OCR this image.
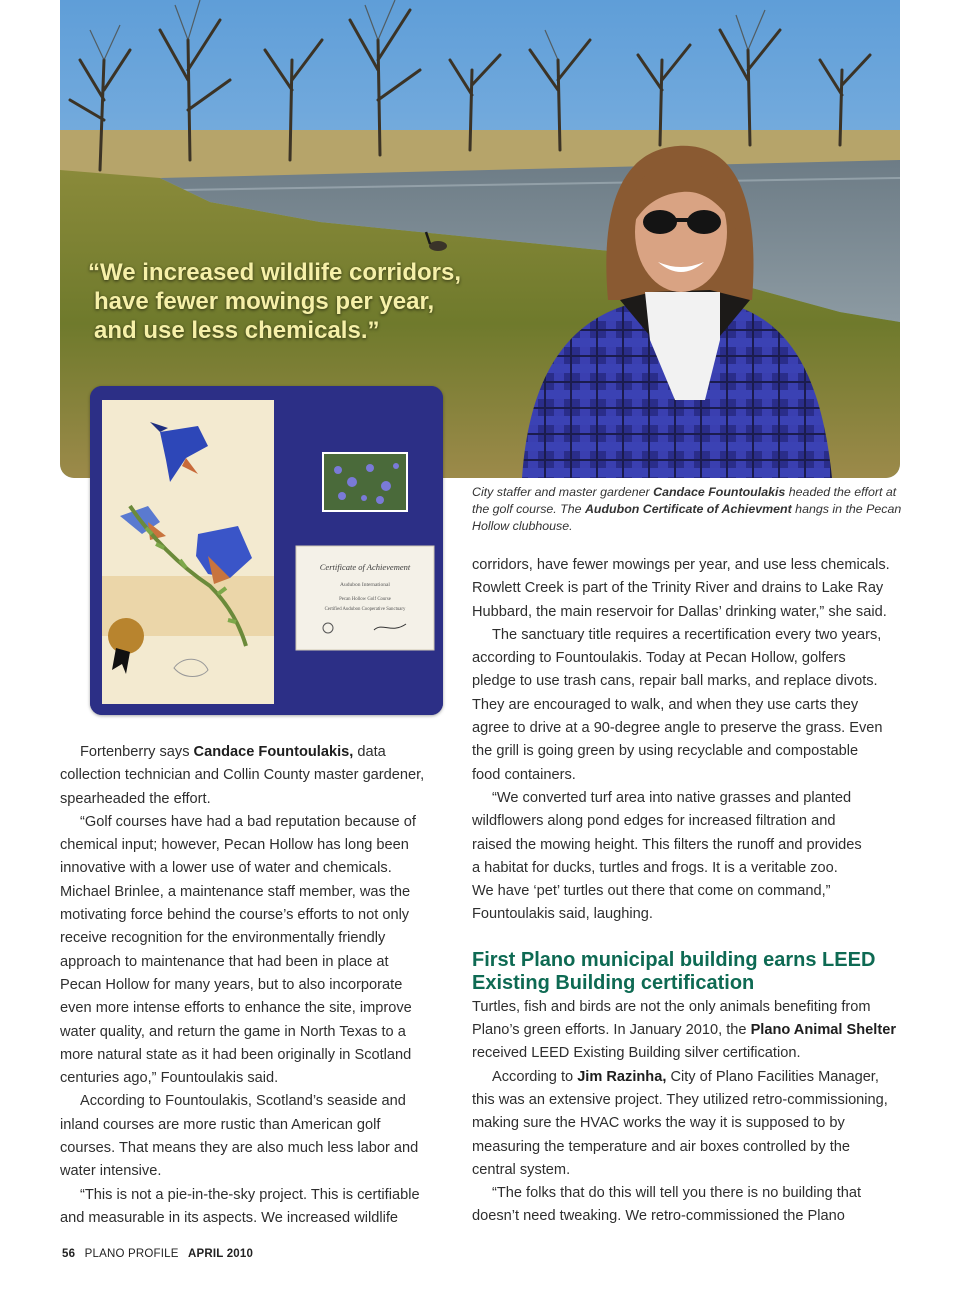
“We increased wildlife corridors,
have fewer mowings per year,
and use less chemicals.”
Certificate of Achievement
Audubon International
Pecan Hollow Golf Course
Certified Audubon Cooperative Sanctuary
City staffer and master gardener Candace Fountoulakis headed the effort at the golf course. The Audubon Certificate of Achievment hangs in the Pecan Hollow clubhouse.

Fortenberry says Candace Fountoulakis, data

collection technician and Collin County master gardener,

spearheaded the effort.

“Golf courses have had a bad reputation because of

chemical input; however, Pecan Hollow has long been

innovative with a lower use of water and chemicals.

Michael Brinlee, a maintenance staff member, was the

motivating force behind the course’s efforts to not only

receive recognition for the environmentally friendly

approach to maintenance that had been in place at

Pecan Hollow for many years, but to also incorporate

even more intense efforts to enhance the site, improve

water quality, and return the game in North Texas to a

more natural state as it had been originally in Scotland

centuries ago,” Fountoulakis said.

According to Fountoulakis, Scotland’s seaside and

inland courses are more rustic than American golf

courses. That means they are also much less labor and

water intensive.

“This is not a pie-in-the-sky project. This is certifiable

and measurable in its aspects. We increased wildlife

corridors, have fewer mowings per year, and use less chemicals.

Rowlett Creek is part of the Trinity River and drains to Lake Ray

Hubbard, the main reservoir for Dallas’ drinking water,” she said.

The sanctuary title requires a recertification every two years,

according to Fountoulakis. Today at Pecan Hollow, golfers

pledge to use trash cans, repair ball marks, and replace divots.

They are encouraged to walk, and when they use carts they

agree to drive at a 90-degree angle to preserve the grass. Even

the grill is going green by using recyclable and compostable

food containers.

“We converted turf area into native grasses and planted

wildflowers along pond edges for increased filtration and

raised the mowing height. This filters the runoff and provides

a habitat for ducks, turtles and frogs. It is a veritable zoo.

We have ‘pet’ turtles out there that come on command,”

Fountoulakis said, laughing.

First Plano municipal building earns LEED
Existing Building certification

Turtles, fish and birds are not the only animals benefiting from

Plano’s green efforts. In January 2010, the Plano Animal Shelter

received LEED Existing Building silver certification.

According to Jim Razinha, City of Plano Facilities Manager,

this was an extensive project. They utilized retro-commissioning,

making sure the HVAC works the way it is supposed to by

measuring the temperature and air boxes controlled by the

central system.

“The folks that do this will tell you there is no building that

doesn’t need tweaking. We retro-commissioned the Plano

56 PLANO PROFILE APRIL 2010
